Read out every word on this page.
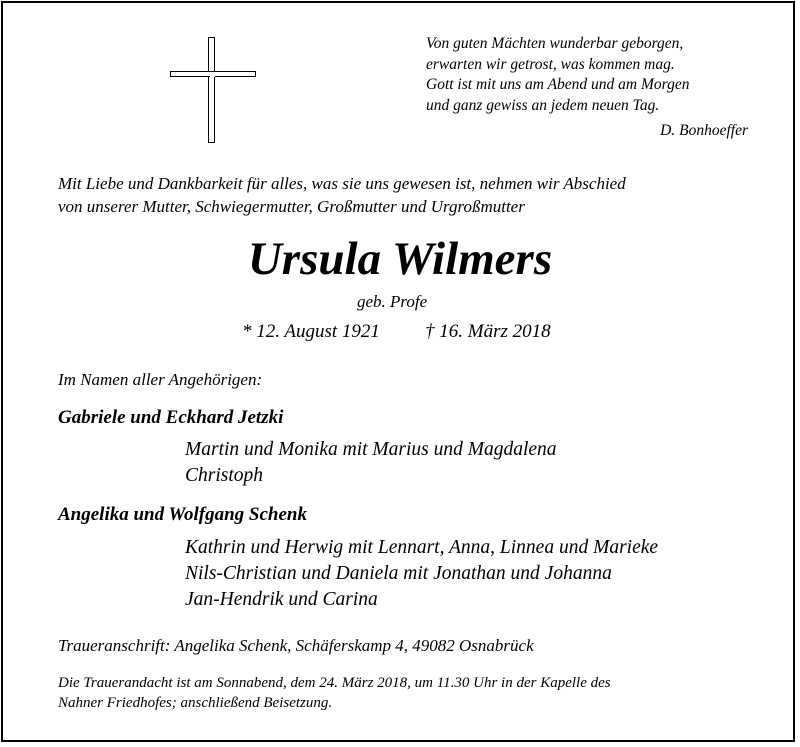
Von guten Mächten wunderbar geborgen,
erwarten wir getrost, was kommen mag.
Gott ist mit uns am Abend und am Morgen
und ganz gewiss an jedem neuen Tag.
D. Bonhoeffer
Mit Liebe und Dankbarkeit für alles, was sie uns gewesen ist, nehmen wir Abschied
von unserer Mutter, Schwiegermutter, Großmutter und Urgroßmutter
Ursula Wilmers
geb. Profe
* 12. August 1921 † 16. März 2018
Im Namen aller Angehörigen:
Gabriele und Eckhard Jetzki
Martin und Monika mit Marius und Magdalena
Christoph
Angelika und Wolfgang Schenk
Kathrin und Herwig mit Lennart, Anna, Linnea und Marieke
Nils-Christian und Daniela mit Jonathan und Johanna
Jan-Hendrik und Carina
Traueranschrift: Angelika Schenk, Schäferskamp 4, 49082 Osnabrück
Die Trauerandacht ist am Sonnabend, dem 24. März 2018, um 11.30 Uhr in der Kapelle des
Nahner Friedhofes; anschließend Beisetzung.
